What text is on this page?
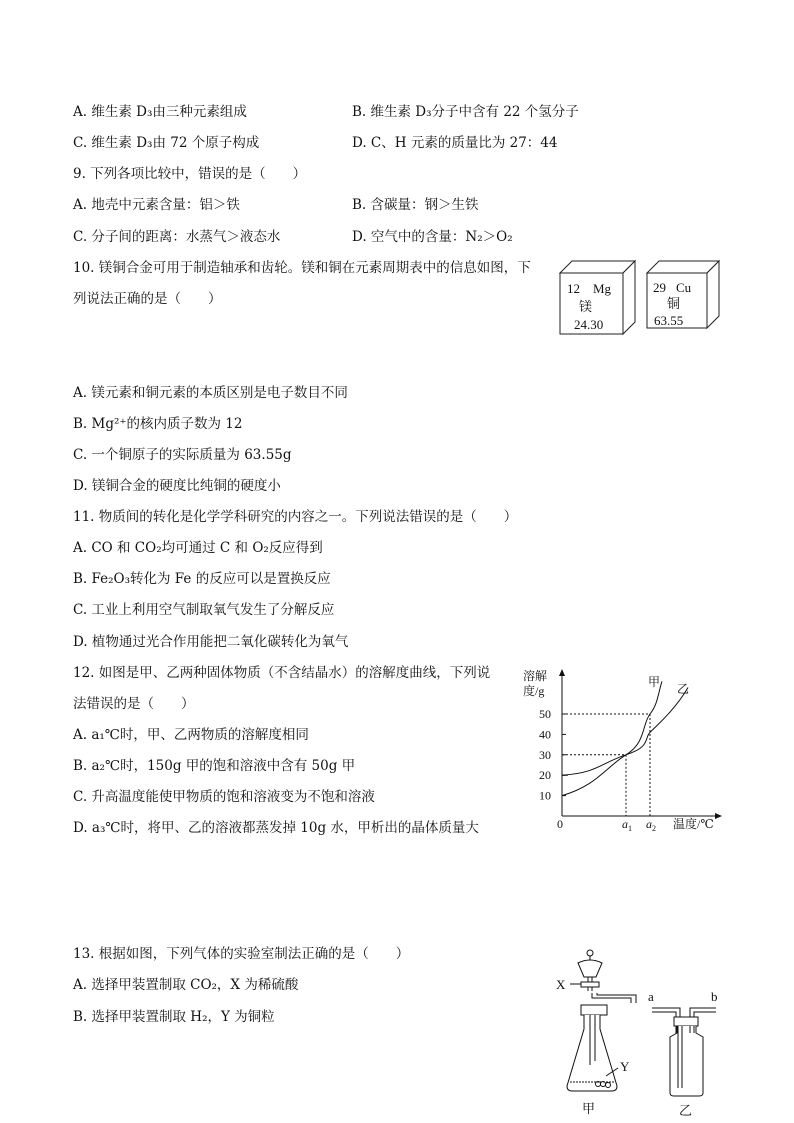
A. 维生素 D₃由三种元素组成	B. 维生素 D₃分子中含有 22 个氢分子
C. 维生素 D₃由 72 个原子构成	D. C、H 元素的质量比为 27：44
9. 下列各项比较中，错误的是（　　）
A. 地壳中元素含量：铝＞铁	B. 含碳量：钢＞生铁
C. 分子间的距离：水蒸气＞液态水	D. 空气中的含量：N₂＞O₂
10. 镁铜合金可用于制造轴承和齿轮。镁和铜在元素周期表中的信息如图，下
列说法正确的是（　　）
12 Mg
镁
24.30
29 Cu
铜
63.55
A. 镁元素和铜元素的本质区别是电子数目不同
B. Mg²⁺的核内质子数为 12
C. 一个铜原子的实际质量为 63.55g
D. 镁铜合金的硬度比纯铜的硬度小
11. 物质间的转化是化学学科研究的内容之一。下列说法错误的是（　　）
A. CO 和 CO₂均可通过 C 和 O₂反应得到
B. Fe₂O₃转化为 Fe 的反应可以是置换反应
C. 工业上利用空气制取氧气发生了分解反应
D. 植物通过光合作用能把二氧化碳转化为氧气
12. 如图是甲、乙两种固体物质（不含结晶水）的溶解度曲线，下列说
法错误的是（　　）
A. a₁℃时，甲、乙两物质的溶解度相同
B. a₂℃时，150g 甲的饱和溶液中含有 50g 甲
C. 升高温度能使甲物质的饱和溶液变为不饱和溶液
D. a₃℃时，将甲、乙的溶液都蒸发掉 10g 水，甲析出的晶体质量大
溶解
度/g
温度/℃
0
10
20
30
40
50
$a_1$ $a_2$
甲 乙
13. 根据如图，下列气体的实验室制法正确的是（　　）
A. 选择甲装置制取 CO₂，X 为稀硫酸
B. 选择甲装置制取 H₂，Y 为铜粒
X
Y
甲
a	b
乙
